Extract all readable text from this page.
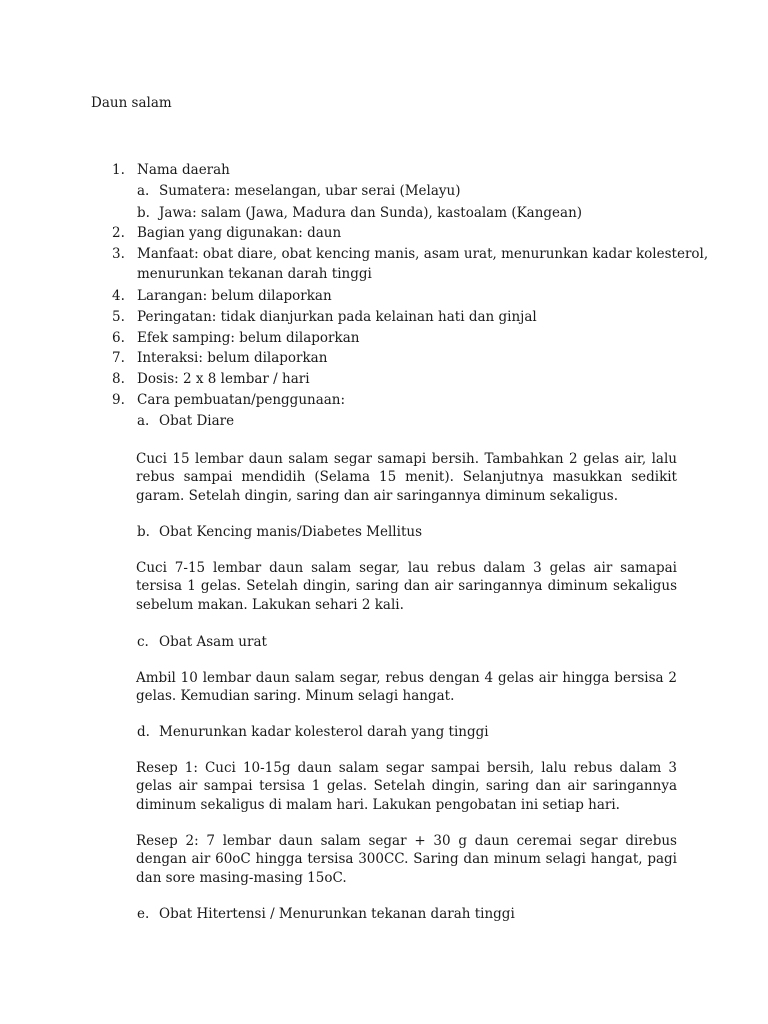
Daun salam
1. Nama daerah
a. Sumatera: meselangan, ubar serai (Melayu)
b. Jawa: salam (Jawa, Madura dan Sunda), kastoalam (Kangean)
2. Bagian yang digunakan: daun
3. Manfaat: obat diare, obat kencing manis, asam urat, menurunkan kadar kolesterol,
menurunkan tekanan darah tinggi
4. Larangan: belum dilaporkan
5. Peringatan: tidak dianjurkan pada kelainan hati dan ginjal
6. Efek samping: belum dilaporkan
7. Interaksi: belum dilaporkan
8. Dosis: 2 x 8 lembar / hari
9. Cara pembuatan/penggunaan:
a. Obat Diare

Cuci 15 lembar daun salam segar samapi bersih. Tambahkan 2 gelas air, lalu rebus sampai mendidih (Selama 15 menit). Selanjutnya masukkan sedikit garam. Setelah dingin, saring dan air saringannya diminum sekaligus.

b. Obat Kencing manis/Diabetes Mellitus

Cuci 7-15 lembar daun salam segar, lau rebus dalam 3 gelas air samapai tersisa 1 gelas. Setelah dingin, saring dan air saringannya diminum sekaligus sebelum makan. Lakukan sehari 2 kali.

c. Obat Asam urat

Ambil 10 lembar daun salam segar, rebus dengan 4 gelas air hingga bersisa 2 gelas. Kemudian saring. Minum selagi hangat.

d. Menurunkan kadar kolesterol darah yang tinggi

Resep 1: Cuci 10-15g daun salam segar sampai bersih, lalu rebus dalam 3 gelas air sampai tersisa 1 gelas. Setelah dingin, saring dan air saringannya diminum sekaligus di malam hari. Lakukan pengobatan ini setiap hari.

Resep 2: 7 lembar daun salam segar + 30 g daun ceremai segar direbus dengan air 60oC hingga tersisa 300CC. Saring dan minum selagi hangat, pagi dan sore masing-masing 15oC.

e. Obat Hitertensi / Menurunkan tekanan darah tinggi
